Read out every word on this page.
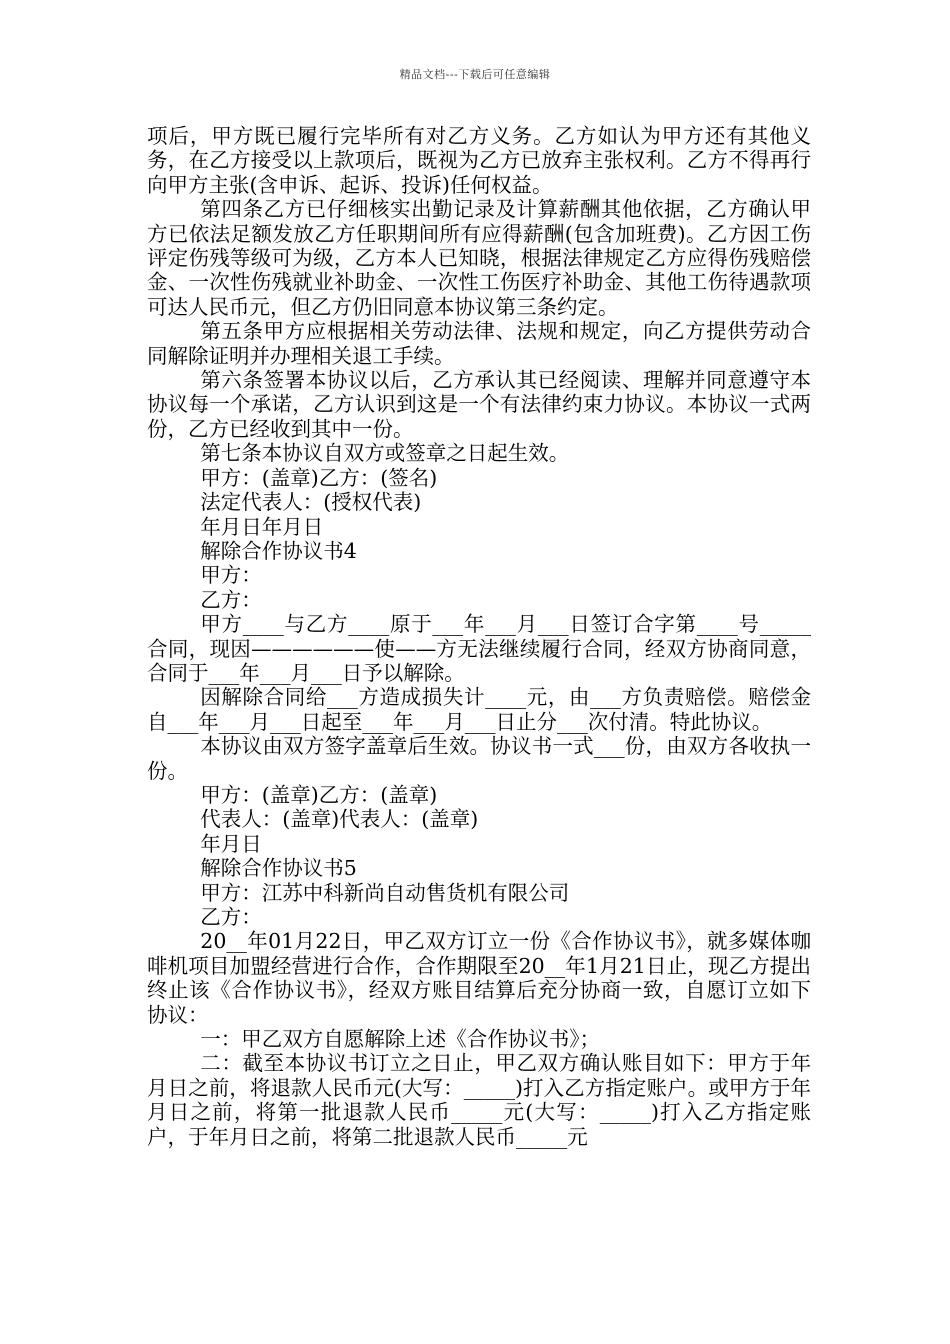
精品文档---下载后可任意编辑

项后，甲方既已履行完毕所有对乙方义务。乙方如认为甲方还有其他义务，在乙方接受以上款项后，既视为乙方已放弃主张权利。乙方不得再行向甲方主张(含申诉、起诉、投诉)任何权益。

第四条乙方已仔细核实出勤记录及计算薪酬其他依据，乙方确认甲方已依法足额发放乙方任职期间所有应得薪酬(包含加班费)。乙方因工伤评定伤残等级可为级，乙方本人已知晓，根据法律规定乙方应得伤残赔偿金、一次性伤残就业补助金、一次性工伤医疗补助金、其他工伤待遇款项可达人民币元，但乙方仍旧同意本协议第三条约定。

第五条甲方应根据相关劳动法律、法规和规定，向乙方提供劳动合同解除证明并办理相关退工手续。

第六条签署本协议以后，乙方承认其已经阅读、理解并同意遵守本协议每一个承诺，乙方认识到这是一个有法律约束力协议。本协议一式两份，乙方已经收到其中一份。

第七条本协议自双方或签章之日起生效。

甲方：(盖章)乙方：(签名)

法定代表人：(授权代表)

年月日年月日

解除合作协议书4

甲方：

乙方：

甲方____与乙方____原于___年___月___日签订合字第____号_____合同，现因——————使——方无法继续履行合同，经双方协商同意，合同于___年___月___日予以解除。

因解除合同给___方造成损失计____元，由___方负责赔偿。赔偿金自___年___月___日起至___年___月___日止分___次付清。特此协议。

本协议由双方签字盖章后生效。协议书一式___份，由双方各收执一份。

甲方：(盖章)乙方：(盖章)

代表人：(盖章)代表人：(盖章)

年月日

解除合作协议书5

甲方：江苏中科新尚自动售货机有限公司

乙方：

20__年01月22日，甲乙双方订立一份《合作协议书》，就多媒体咖啡机项目加盟经营进行合作，合作期限至20__年1月21日止，现乙方提出终止该《合作协议书》，经双方账目结算后充分协商一致，自愿订立如下协议：

一：甲乙双方自愿解除上述《合作协议书》；

二：截至本协议书订立之日止，甲乙双方确认账目如下：甲方于年月日之前，将退款人民币元(大写：_____)打入乙方指定账户。或甲方于年月日之前，将第一批退款人民币_____元(大写：_____)打入乙方指定账户，于年月日之前，将第二批退款人民币_____元
